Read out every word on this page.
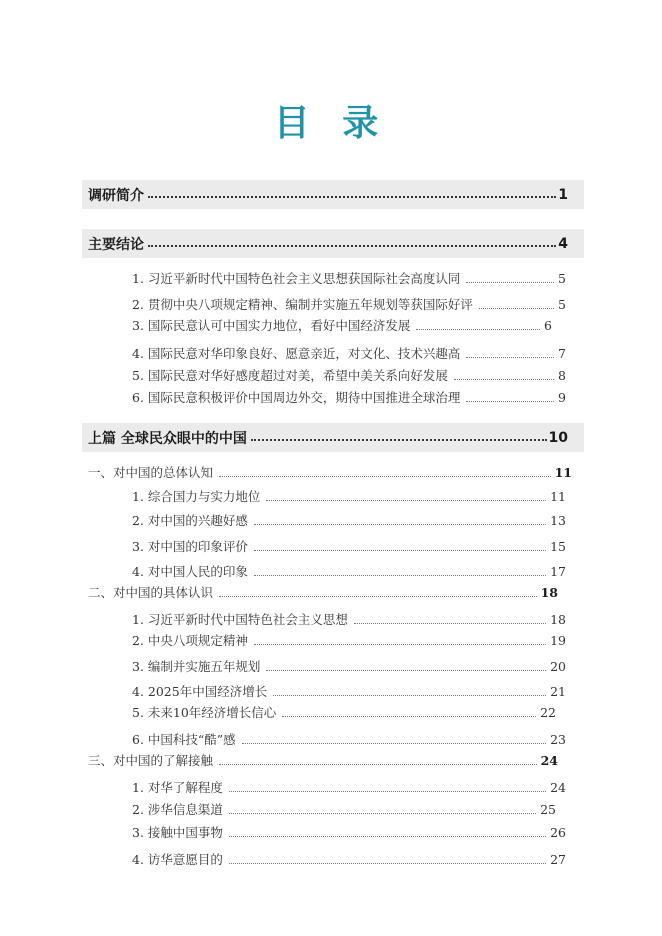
目 录
调研简介	1
主要结论	4
1. 习近平新时代中国特色社会主义思想获国际社会高度认同	5
2. 贯彻中央八项规定精神、编制并实施五年规划等获国际好评	5
3. 国际民意认可中国实力地位，看好中国经济发展	6
4. 国际民意对华印象良好、愿意亲近，对文化、技术兴趣高	7
5. 国际民意对华好感度超过对美，希望中美关系向好发展	8
6. 国际民意积极评价中国周边外交，期待中国推进全球治理	9
上篇 全球民众眼中的中国	10
一、对中国的总体认知	11
1. 综合国力与实力地位	11
2. 对中国的兴趣好感	13
3. 对中国的印象评价	15
4. 对中国人民的印象	17
二、对中国的具体认识	18
1. 习近平新时代中国特色社会主义思想	18
2. 中央八项规定精神	19
3. 编制并实施五年规划	20
4. 2025年中国经济增长	21
5. 未来10年经济增长信心	22
6. 中国科技“酷”感	23
三、对中国的了解接触	24
1. 对华了解程度	24
2. 涉华信息渠道	25
3. 接触中国事物	26
4. 访华意愿目的	27
